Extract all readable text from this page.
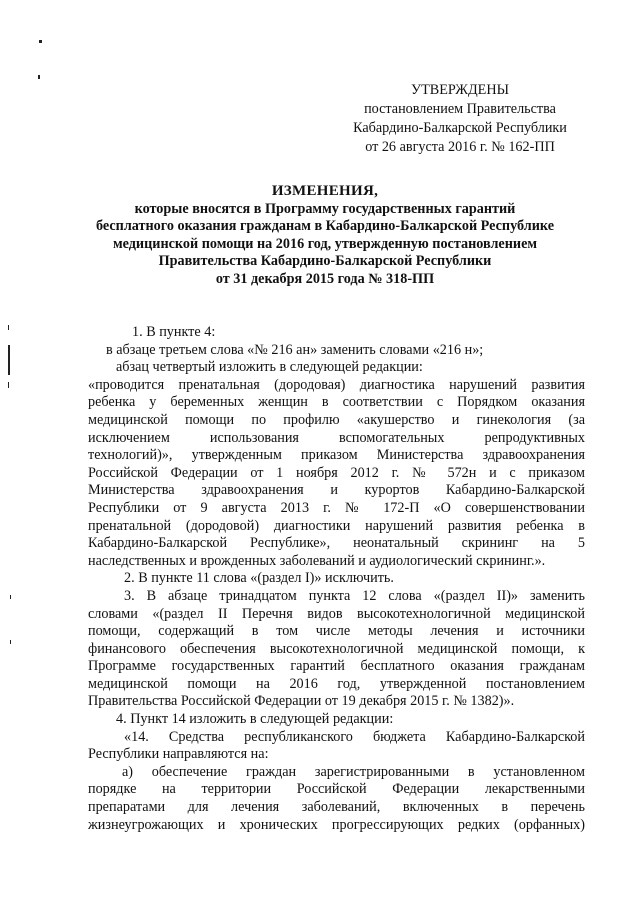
УТВЕРЖДЕНЫ
постановлением Правительства
Кабардино-Балкарской Республики
от 26 августа 2016 г. № 162-ПП
ИЗМЕНЕНИЯ,
которые вносятся в Программу государственных гарантий
бесплатного оказания гражданам в Кабардино-Балкарской Республике
медицинской помощи на 2016 год, утвержденную постановлением
Правительства Кабардино-Балкарской Республики
от 31 декабря 2015 года № 318-ПП
1. В пункте 4:
в абзаце третьем слова «№ 216 ан» заменить словами «216 н»;
абзац четвертый изложить в следующей редакции:
«проводится пренатальная (дородовая) диагностика нарушений развития
ребенка у беременных женщин в соответствии с Порядком оказания
медицинской помощи по профилю «акушерство и гинекология (за
исключением использования вспомогательных репродуктивных
технологий)», утвержденным приказом Министерства здравоохранения
Российской Федерации от 1 ноября 2012 г. № 572н и с приказом
Министерства здравоохранения и курортов Кабардино-Балкарской
Республики от 9 августа 2013 г. № 172-П «О совершенствовании
пренатальной (дородовой) диагностики нарушений развития ребенка в
Кабардино-Балкарской Республике», неонатальный скрининг на 5
наследственных и врожденных заболеваний и аудиологический скрининг.».
2. В пункте 11 слова «(раздел I)» исключить.
3. В абзаце тринадцатом пункта 12 слова «(раздел II)» заменить
словами «(раздел II Перечня видов высокотехнологичной медицинской
помощи, содержащий в том числе методы лечения и источники
финансового обеспечения высокотехнологичной медицинской помощи, к
Программе государственных гарантий бесплатного оказания гражданам
медицинской помощи на 2016 год, утвержденной постановлением
Правительства Российской Федерации от 19 декабря 2015 г. № 1382)».
4. Пункт 14 изложить в следующей редакции:
«14. Средства республиканского бюджета Кабардино-Балкарской
Республики направляются на:
а) обеспечение граждан зарегистрированными в установленном
порядке на территории Российской Федерации лекарственными
препаратами для лечения заболеваний, включенных в перечень
жизнеугрожающих и хронических прогрессирующих редких (орфанных)
